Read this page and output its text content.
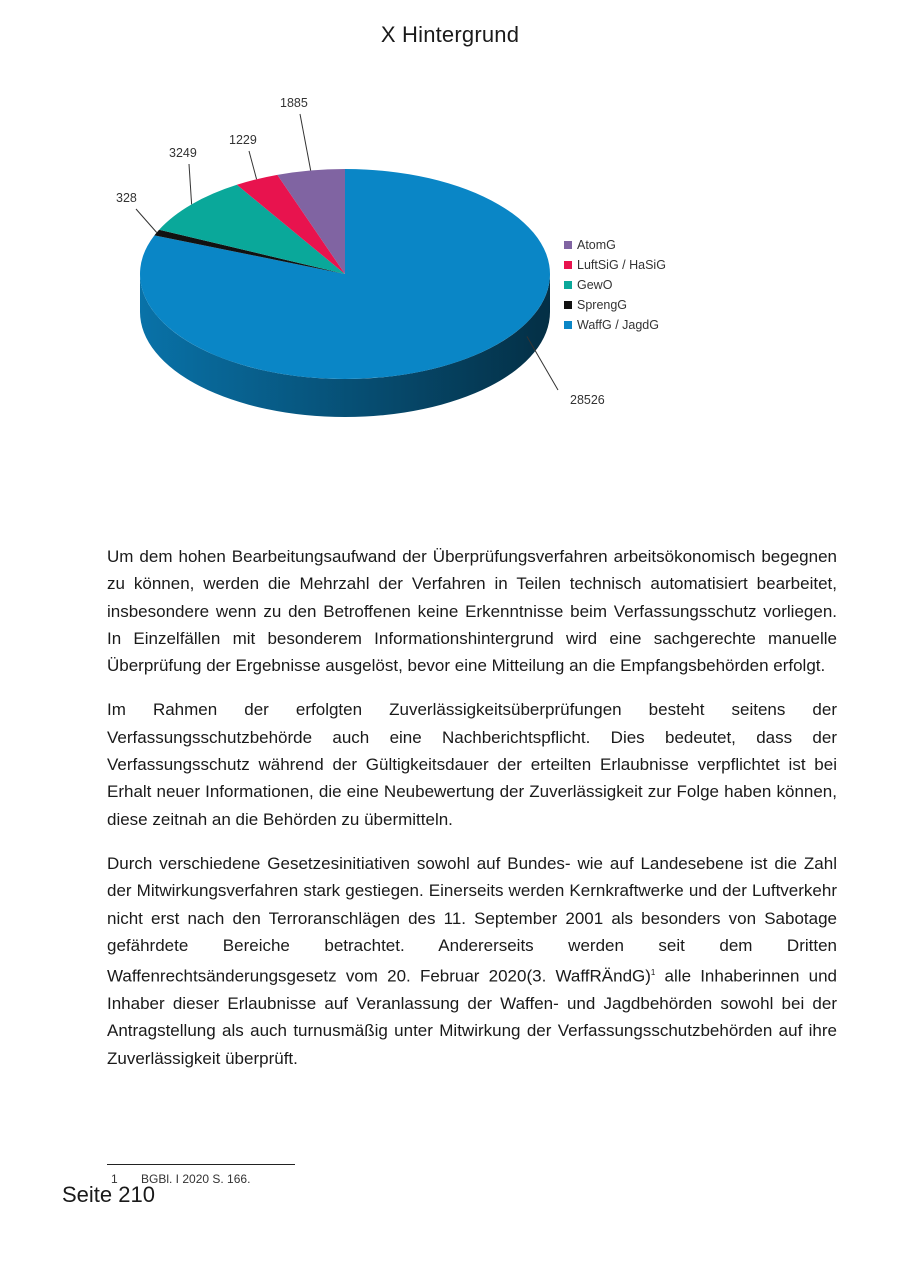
X Hintergrund
28526
328
3249
1229
1885
AtomG
LuftSiG / HaSiG
GewO
SprengG
WaffG / JagdG

Um dem hohen Bearbeitungsaufwand der Überprüfungsverfahren arbeitsökonomisch begegnen zu können, werden die Mehrzahl der Verfahren in Teilen technisch automatisiert bearbeitet, insbesondere wenn zu den Betroffenen keine Erkenntnisse beim Verfassungsschutz vorliegen. In Einzelfällen mit besonderem Informationshintergrund wird eine sachgerechte manuelle Überprüfung der Ergebnisse ausgelöst, bevor eine Mitteilung an die Empfangsbehörden erfolgt.

Im Rahmen der erfolgten Zuverlässigkeitsüberprüfungen besteht seitens der Verfassungsschutzbehörde auch eine Nachberichtspflicht. Dies bedeutet, dass der Verfassungsschutz während der Gültigkeitsdauer der erteilten Erlaubnisse verpflichtet ist bei Erhalt neuer Informationen, die eine Neubewertung der Zuverlässigkeit zur Folge haben können, diese zeitnah an die Behörden zu übermitteln.

Durch verschiedene Gesetzesinitiativen sowohl auf Bundes- wie auf Landesebene ist die Zahl der Mitwirkungsverfahren stark gestiegen. Einerseits werden Kernkraftwerke und der Luftverkehr nicht erst nach den Terroranschlägen des 11. September 2001 als besonders von Sabotage gefährdete Bereiche betrachtet. Andererseits werden seit dem Dritten Waffenrechtsänderungsgesetz vom 20. Februar 2020(3. WaffRÄndG)$^1$ alle Inhaberinnen und Inhaber dieser Erlaubnisse auf Veranlassung der Waffen- und Jagdbehörden sowohl bei der Antragstellung als auch turnusmäßig unter Mitwirkung der Verfassungsschutzbehörden auf ihre Zuverlässigkeit überprüft.

1 BGBl. I 2020 S. 166.
Seite 210
